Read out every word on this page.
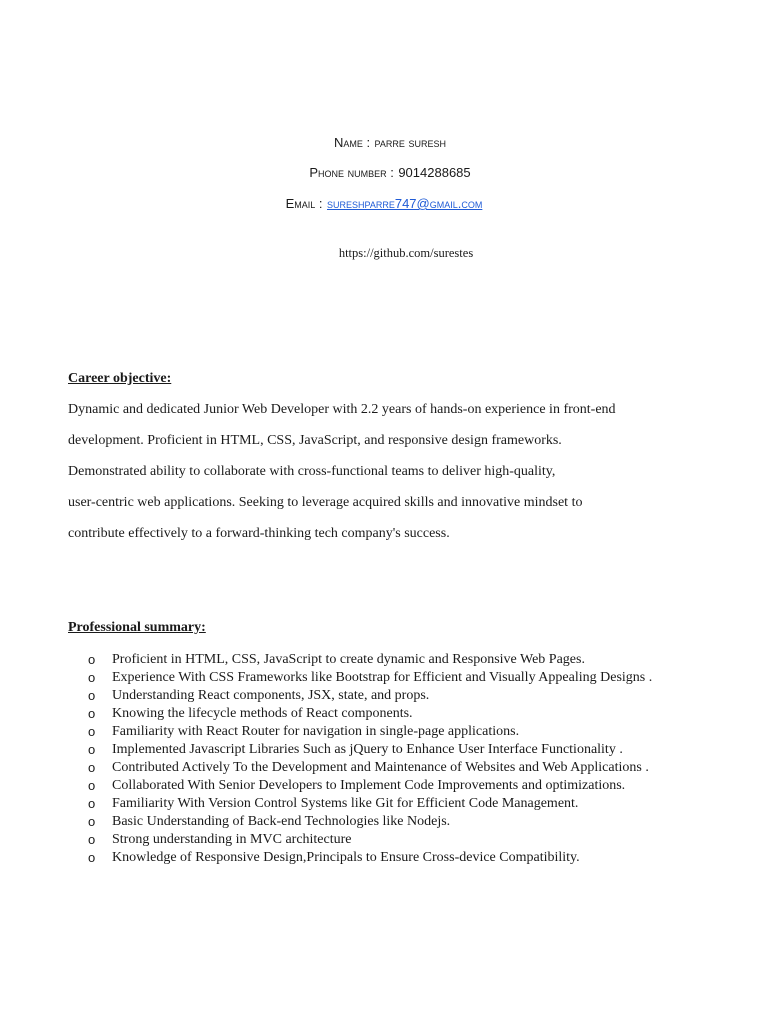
Name : parre suresh
Phone number : 9014288685
Email : sureshparre747@gmail.com
https://github.com/surestes
Career objective:
Dynamic and dedicated Junior Web Developer with 2.2 years of hands-on experience in front-end
development. Proficient in HTML, CSS, JavaScript, and responsive design frameworks.
Demonstrated ability to collaborate with cross-functional teams to deliver high-quality,
user-centric web applications. Seeking to leverage acquired skills and innovative mindset to
contribute effectively to a forward-thinking tech company's success.
Professional summary:
o Proficient in HTML, CSS, JavaScript to create dynamic and Responsive Web Pages.
o Experience With CSS Frameworks like Bootstrap for Efficient and Visually Appealing Designs .
o Understanding React components, JSX, state, and props.
o Knowing the lifecycle methods of React components.
o Familiarity with React Router for navigation in single-page applications.
o Implemented Javascript Libraries Such as jQuery to Enhance User Interface Functionality .
o Contributed Actively To the Development and Maintenance of Websites and Web Applications .
o Collaborated With Senior Developers to Implement Code Improvements and optimizations.
o Familiarity With Version Control Systems like Git for Efficient Code Management.
o Basic Understanding of Back-end Technologies like Nodejs.
o Strong understanding in MVC architecture
o Knowledge of Responsive Design,Principals to Ensure Cross-device Compatibility.
